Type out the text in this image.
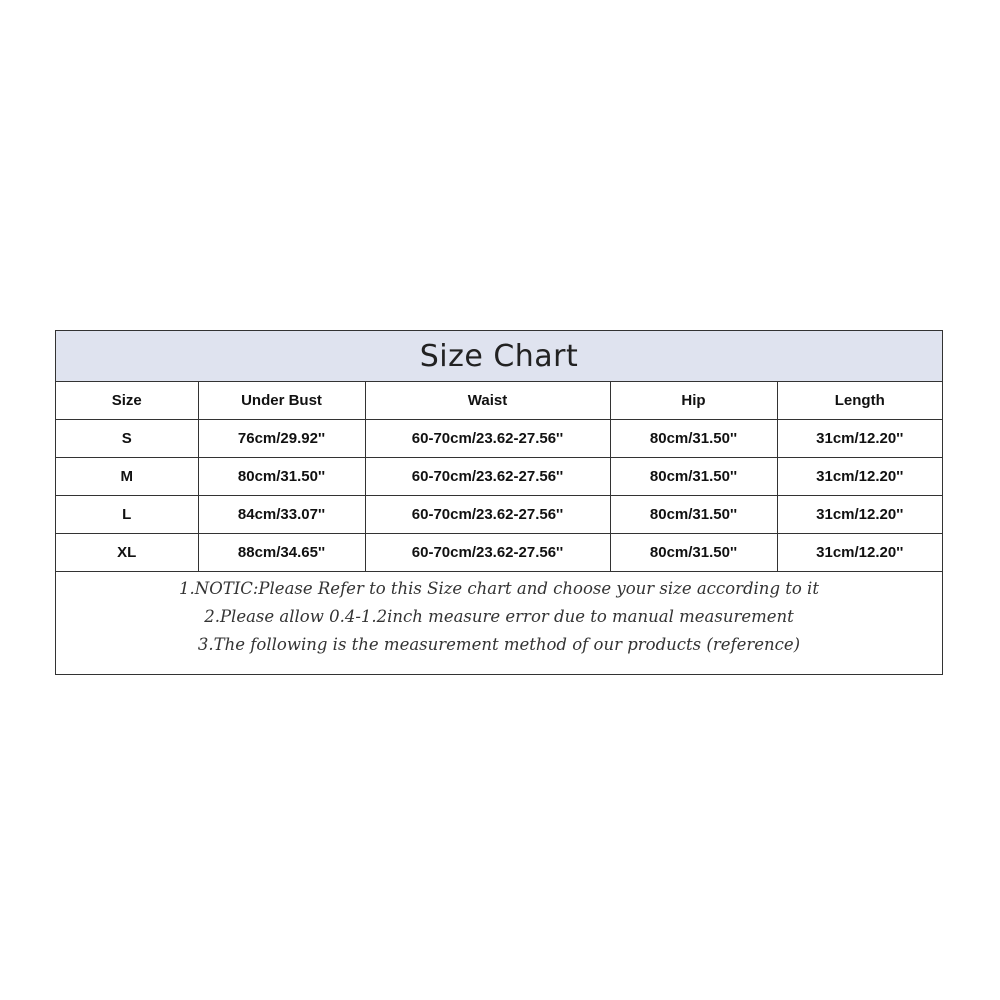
Size Chart
Size	Under Bust	Waist	Hip	Length
S	76cm/29.92''	60-70cm/23.62-27.56''	80cm/31.50''	31cm/12.20''
M	80cm/31.50''	60-70cm/23.62-27.56''	80cm/31.50''	31cm/12.20''
L	84cm/33.07''	60-70cm/23.62-27.56''	80cm/31.50''	31cm/12.20''
XL	88cm/34.65''	60-70cm/23.62-27.56''	80cm/31.50''	31cm/12.20''
1.NOTIC:Please Refer to this Size chart and choose your size according to it
2.Please allow 0.4-1.2inch measure error due to manual measurement
3.The following is the measurement method of our products (reference)
